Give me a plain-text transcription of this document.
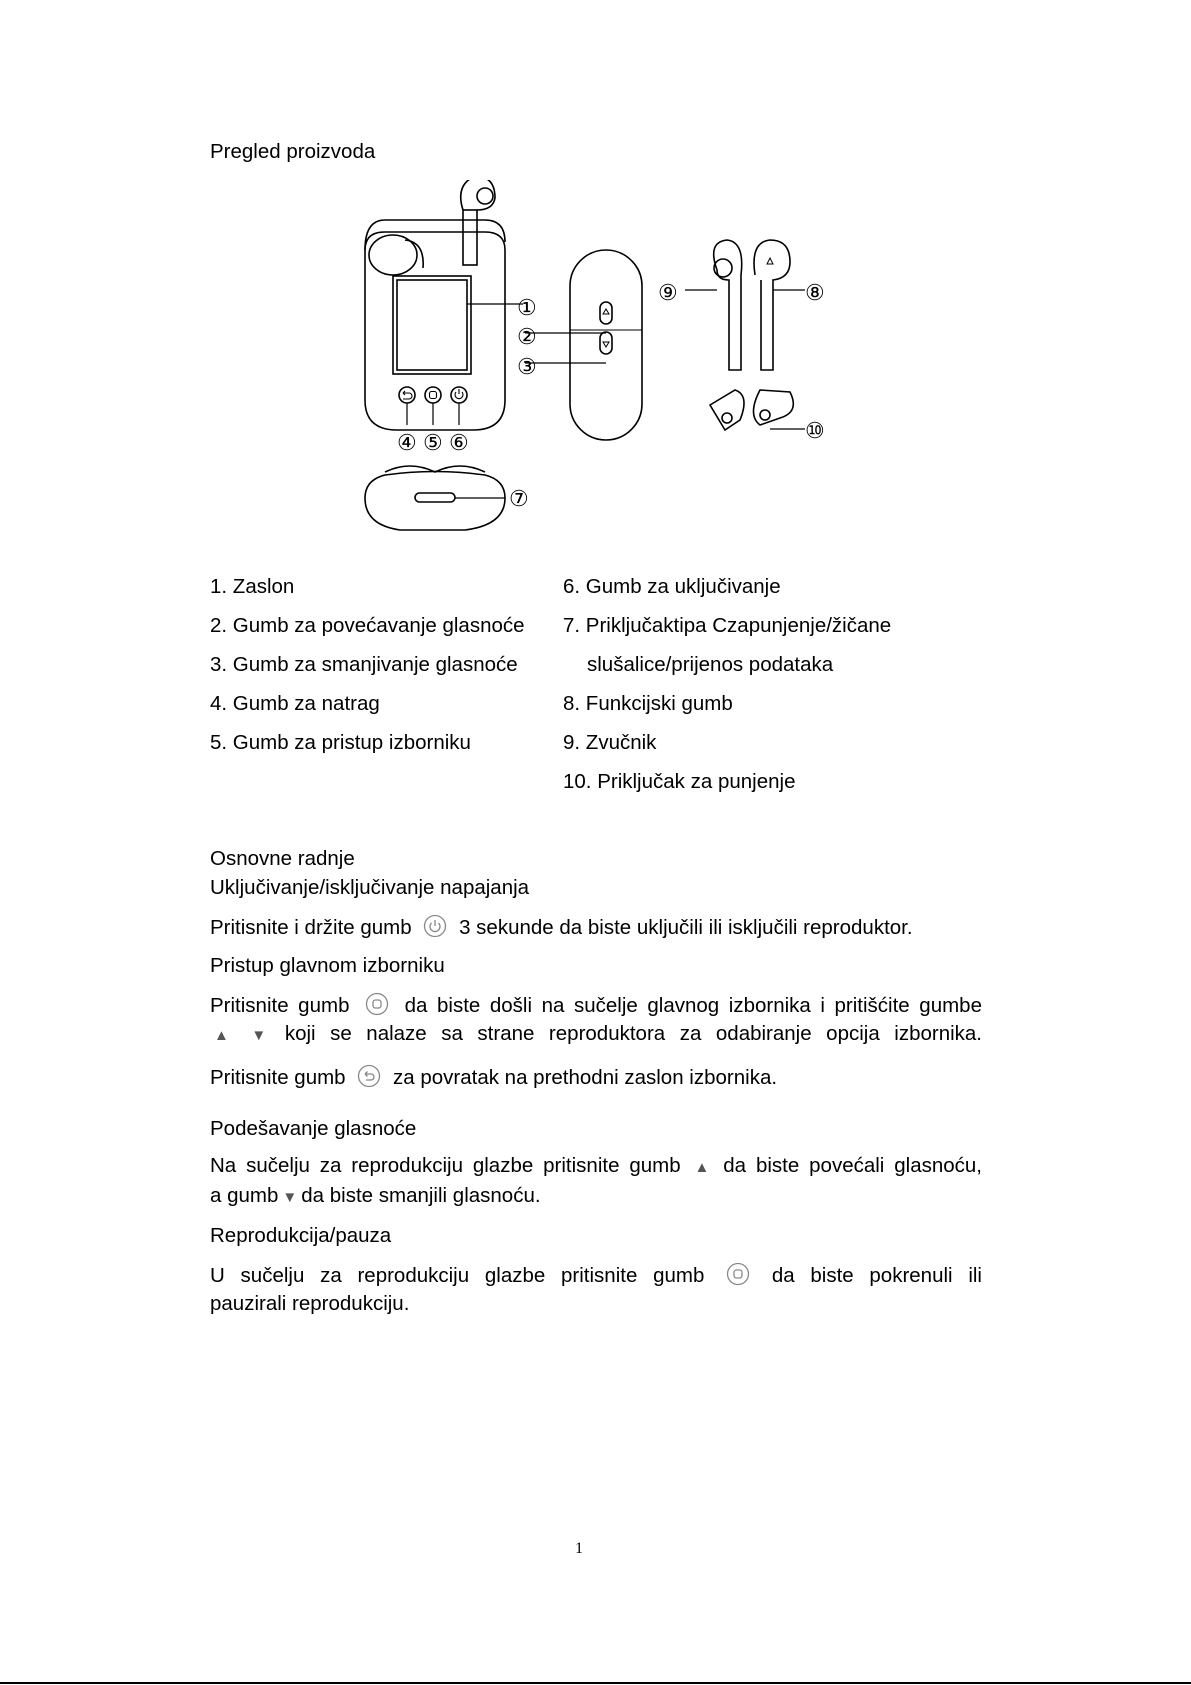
Pregled proizvoda
①
②
③
④ ⑤ ⑥
⑦
⑧
⑨
⑩
1. Zaslon
2. Gumb za povećavanje glasnoće
3. Gumb za smanjivanje glasnoće
4. Gumb za natrag
5. Gumb za pristup izborniku
6. Gumb za uključivanje
7. Priključaktipa Czapunjenje/žičane
slušalice/prijenos podataka
8. Funkcijski gumb
9. Zvučnik
10. Priključak za punjenje
Osnovne radnje
Uključivanje/isključivanje napajanja
Pritisnite i držite gumb 3 sekunde da biste uključili ili isključili reproduktor.
Pristup glavnom izborniku
Pritisnite gumb	da biste došli na sučelje glavnog izbornika i pritišćite gumbe
▲ ▼ koji se nalaze sa strane reproduktora za odabiranje opcija izbornika.
Pritisnite gumb za povratak na prethodni zaslon izbornika.
Podešavanje glasnoće
Na sučelju za reprodukciju glazbe pritisnite gumb ▲ da biste povećali glasnoću,
a gumb ▼ da biste smanjili glasnoću.
Reprodukcija/pauza
U sučelju za reprodukciju glazbe pritisnite gumb	da biste pokrenuli ili
pauzirali reprodukciju.
1
